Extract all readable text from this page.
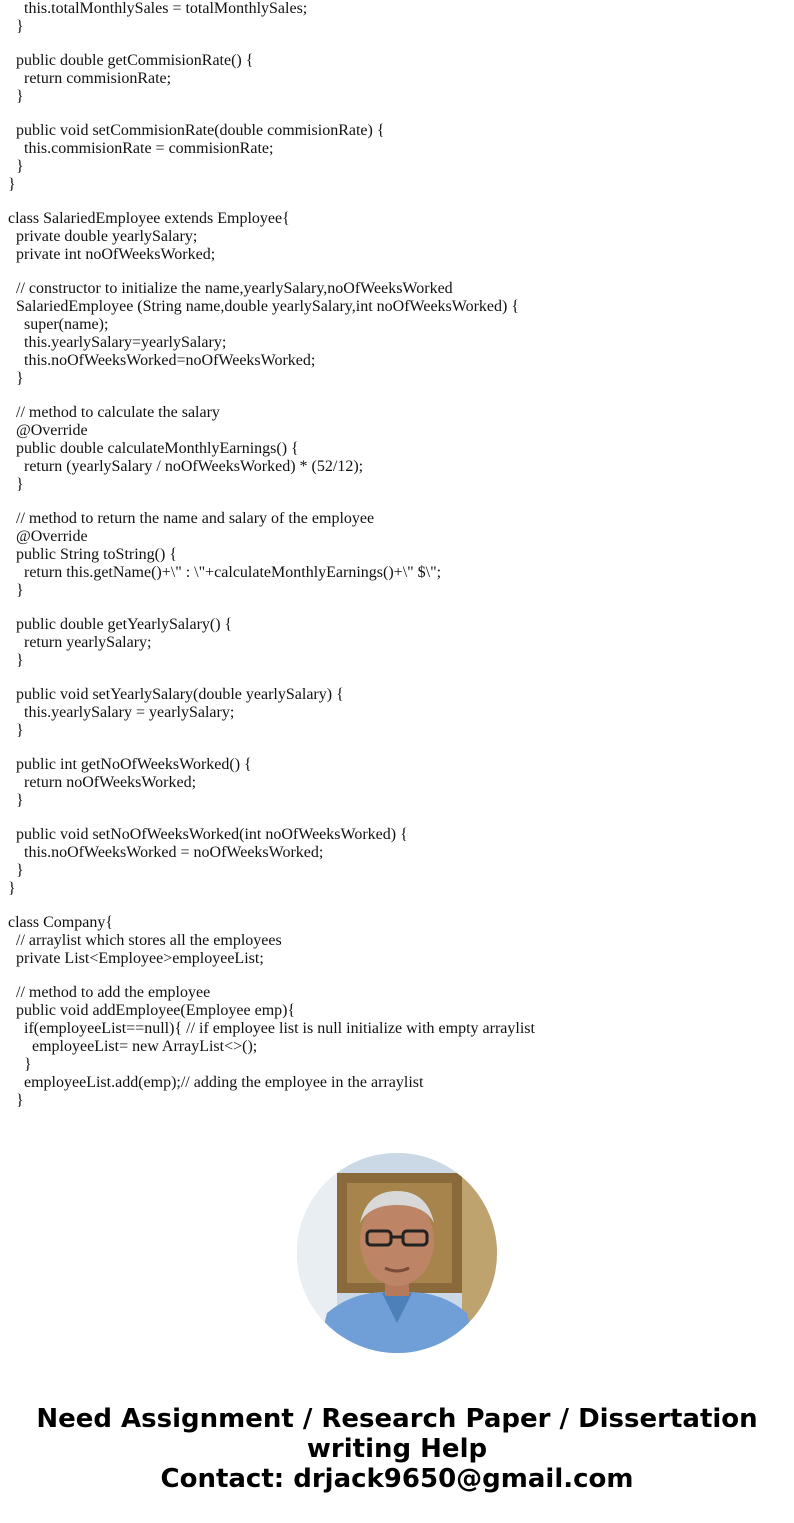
this.totalMonthlySales = totalMonthlySales;
}
public double getCommisionRate() {
return commisionRate;
}
public void setCommisionRate(double commisionRate) {
this.commisionRate = commisionRate;
}
}
class SalariedEmployee extends Employee{
private double yearlySalary;
private int noOfWeeksWorked;
// constructor to initialize the name,yearlySalary,noOfWeeksWorked
SalariedEmployee (String name,double yearlySalary,int noOfWeeksWorked) {
super(name);
this.yearlySalary=yearlySalary;
this.noOfWeeksWorked=noOfWeeksWorked;
}
// method to calculate the salary
@Override
public double calculateMonthlyEarnings() {
return (yearlySalary / noOfWeeksWorked) * (52/12);
}
// method to return the name and salary of the employee
@Override
public String toString() {
return this.getName()+\" : \"+calculateMonthlyEarnings()+\" $\";
}
public double getYearlySalary() {
return yearlySalary;
}
public void setYearlySalary(double yearlySalary) {
this.yearlySalary = yearlySalary;
}
public int getNoOfWeeksWorked() {
return noOfWeeksWorked;
}
public void setNoOfWeeksWorked(int noOfWeeksWorked) {
this.noOfWeeksWorked = noOfWeeksWorked;
}
}
class Company{
// arraylist which stores all the employees
private List<Employee>employeeList;
// method to add the employee
public void addEmployee(Employee emp){
if(employeeList==null){ // if employee list is null initialize with empty arraylist
employeeList= new ArrayList<>();
}
employeeList.add(emp);// adding the employee in the arraylist
}
Need Assignment / Research Paper / Dissertation
writing Help
Contact: drjack9650@gmail.com
